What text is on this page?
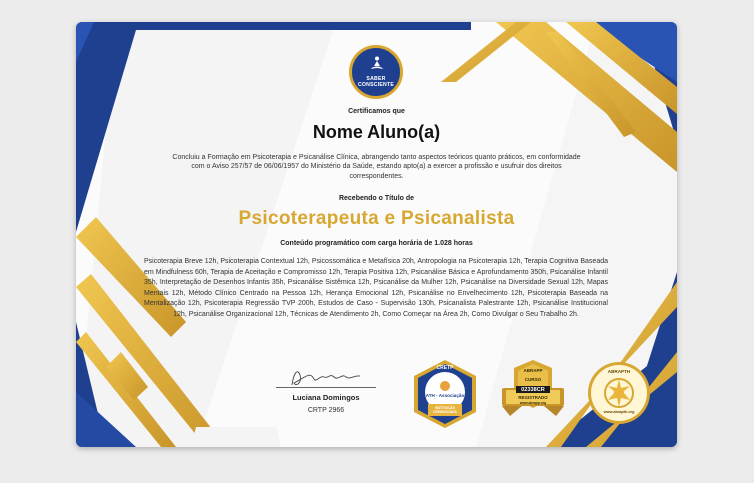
SABER
CONSCIENTE
Certificamos que
Nome Aluno(a)
Concluiu a Formação em Psicoterapia e Psicanálise Clínica, abrangendo tanto aspectos teóricos quanto práticos, em conformidade com o Aviso 257/57 de 06/06/1957 do Ministério da Saúde, estando apto(a) a exercer a profissão e usufruir dos direitos correspondentes.
Recebendo o Título de
Psicoterapeuta e Psicanalista
Conteúdo programático com carga horária de 1.028 horas
Psicoterapia Breve 12h, Psicoterapia Contextual 12h, Psicossomática e Metafísica 20h, Antropologia na Psicoterapia 12h, Terapia Cognitiva Baseada em Mindfulness 60h, Terapia de Aceitação e Compromisso 12h, Terapia Positiva 12h, Psicanálise Básica e Aprofundamento 350h, Psicanálise Infantil 35h, Interpretação de Desenhos Infantis 35h, Psicanálise Sistêmica 12h, Psicanálise da Mulher 12h, Psicanálise na Diversidade Sexual 12h, Mapas Mentais 12h, Método Clínico Centrado na Pessoa 12h, Herança Emocional 12h, Psicanálise no Envelhecimento 12h, Psicoterapia Baseada na Mentalização 12h, Psicoterapia Regressão TVP 200h, Estudos de Caso - Supervisão 130h, Psicanalista Palestrante 12h, Psicanálise Institucional 12h, Psicanálise Organizacional 12h, Técnicas de Atendimento 2h, Como Começar na Área 2h, Como Divulgar o Seu Trabalho 2h.
Luciana Domingos
CRTP 2966
CRETP
ATH - Associação
INSTITUIÇÃO CREDENCIADA
ABRAPP
CURSO
02338CR
REGISTRADO
www.abrapp.org
ABRAPTH
www.abrapth.org
